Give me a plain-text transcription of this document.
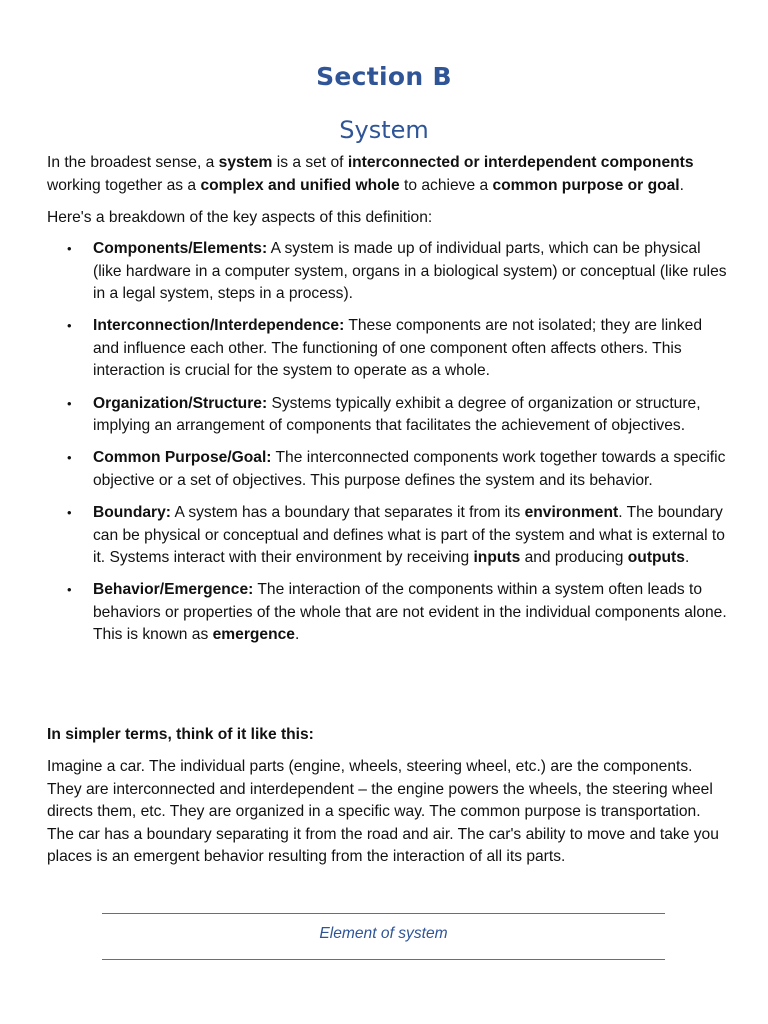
Section B
System

In the broadest sense, a system is a set of interconnected or interdependent components working together as a complex and unified whole to achieve a common purpose or goal.

Here's a breakdown of the key aspects of this definition:

• Components/Elements: A system is made up of individual parts, which can be physical (like hardware in a computer system, organs in a biological system) or conceptual (like rules in a legal system, steps in a process).
• Interconnection/Interdependence: These components are not isolated; they are linked and influence each other. The functioning of one component often affects others. This interaction is crucial for the system to operate as a whole.
• Organization/Structure: Systems typically exhibit a degree of organization or structure, implying an arrangement of components that facilitates the achievement of objectives.
• Common Purpose/Goal: The interconnected components work together towards a specific objective or a set of objectives. This purpose defines the system and its behavior.
• Boundary: A system has a boundary that separates it from its environment. The boundary can be physical or conceptual and defines what is part of the system and what is external to it. Systems interact with their environment by receiving inputs and producing outputs.
• Behavior/Emergence: The interaction of the components within a system often leads to behaviors or properties of the whole that are not evident in the individual components alone. This is known as emergence.

In simpler terms, think of it like this:

Imagine a car. The individual parts (engine, wheels, steering wheel, etc.) are the components. They are interconnected and interdependent – the engine powers the wheels, the steering wheel directs them, etc. They are organized in a specific way. The common purpose is transportation. The car has a boundary separating it from the road and air. The car's ability to move and take you places is an emergent behavior resulting from the interaction of all its parts.

Element of system
